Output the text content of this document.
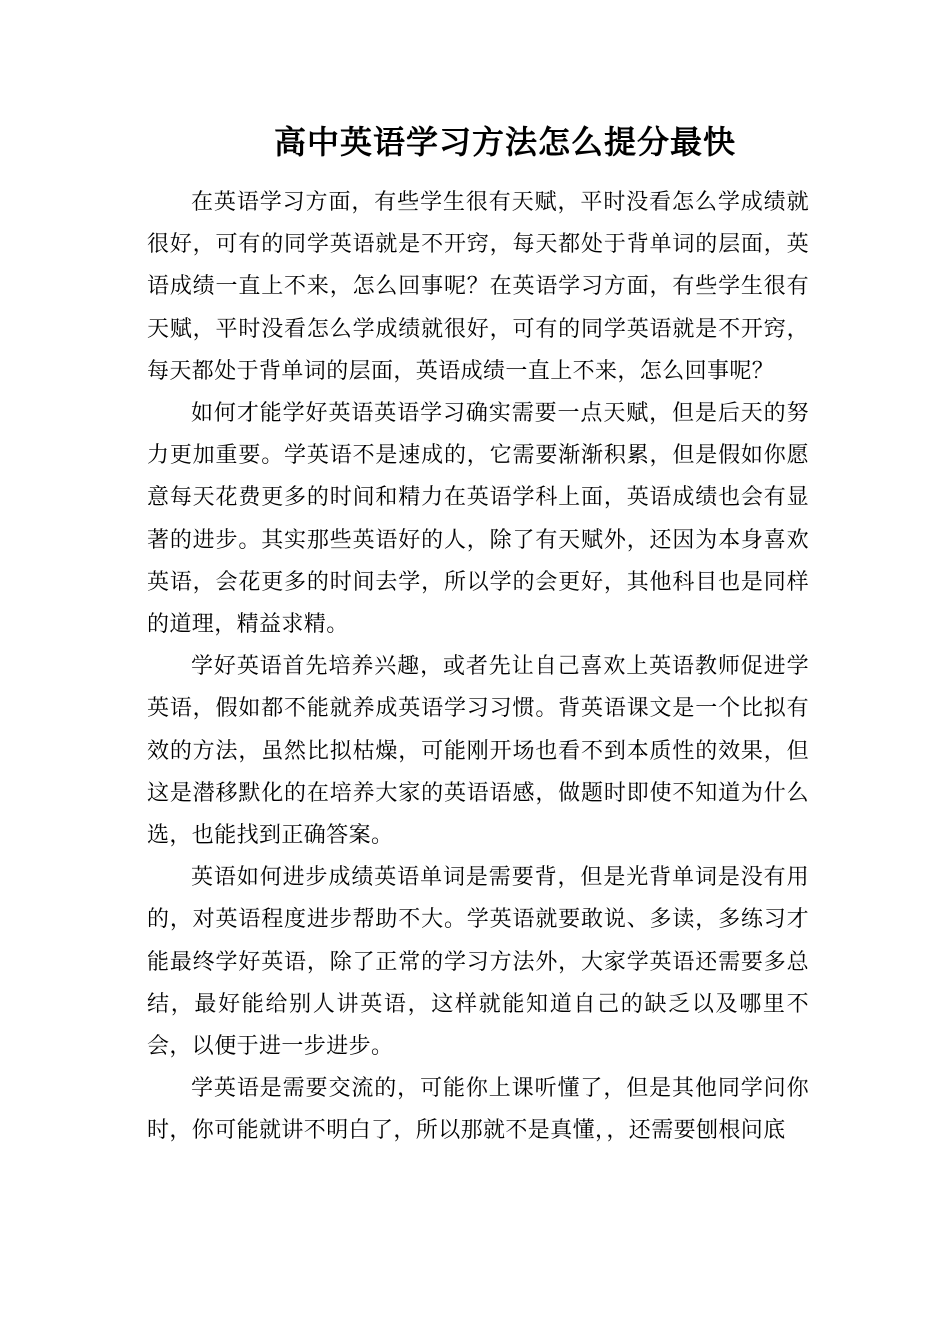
高中英语学习方法怎么提分最快

在英语学习方面，有些学生很有天赋，平时没看怎么学成绩就很好，可有的同学英语就是不开窍，每天都处于背单词的层面，英语成绩一直上不来，怎么回事呢？在英语学习方面，有些学生很有天赋，平时没看怎么学成绩就很好，可有的同学英语就是不开窍，每天都处于背单词的层面，英语成绩一直上不来，怎么回事呢？

如何才能学好英语英语学习确实需要一点天赋，但是后天的努力更加重要。学英语不是速成的，它需要渐渐积累，但是假如你愿意每天花费更多的时间和精力在英语学科上面，英语成绩也会有显著的进步。其实那些英语好的人，除了有天赋外，还因为本身喜欢英语，会花更多的时间去学，所以学的会更好，其他科目也是同样的道理，精益求精。

学好英语首先培养兴趣，或者先让自己喜欢上英语教师促进学英语，假如都不能就养成英语学习习惯。背英语课文是一个比拟有效的方法，虽然比拟枯燥，可能刚开场也看不到本质性的效果，但这是潜移默化的在培养大家的英语语感，做题时即使不知道为什么选，也能找到正确答案。

英语如何进步成绩英语单词是需要背，但是光背单词是没有用的，对英语程度进步帮助不大。学英语就要敢说、多读，多练习才能最终学好英语，除了正常的学习方法外，大家学英语还需要多总结，最好能给别人讲英语，这样就能知道自己的缺乏以及哪里不会，以便于进一步进步。

学英语是需要交流的，可能你上课听懂了，但是其他同学问你时，你可能就讲不明白了，所以那就不是真懂，，还需要刨根问底
